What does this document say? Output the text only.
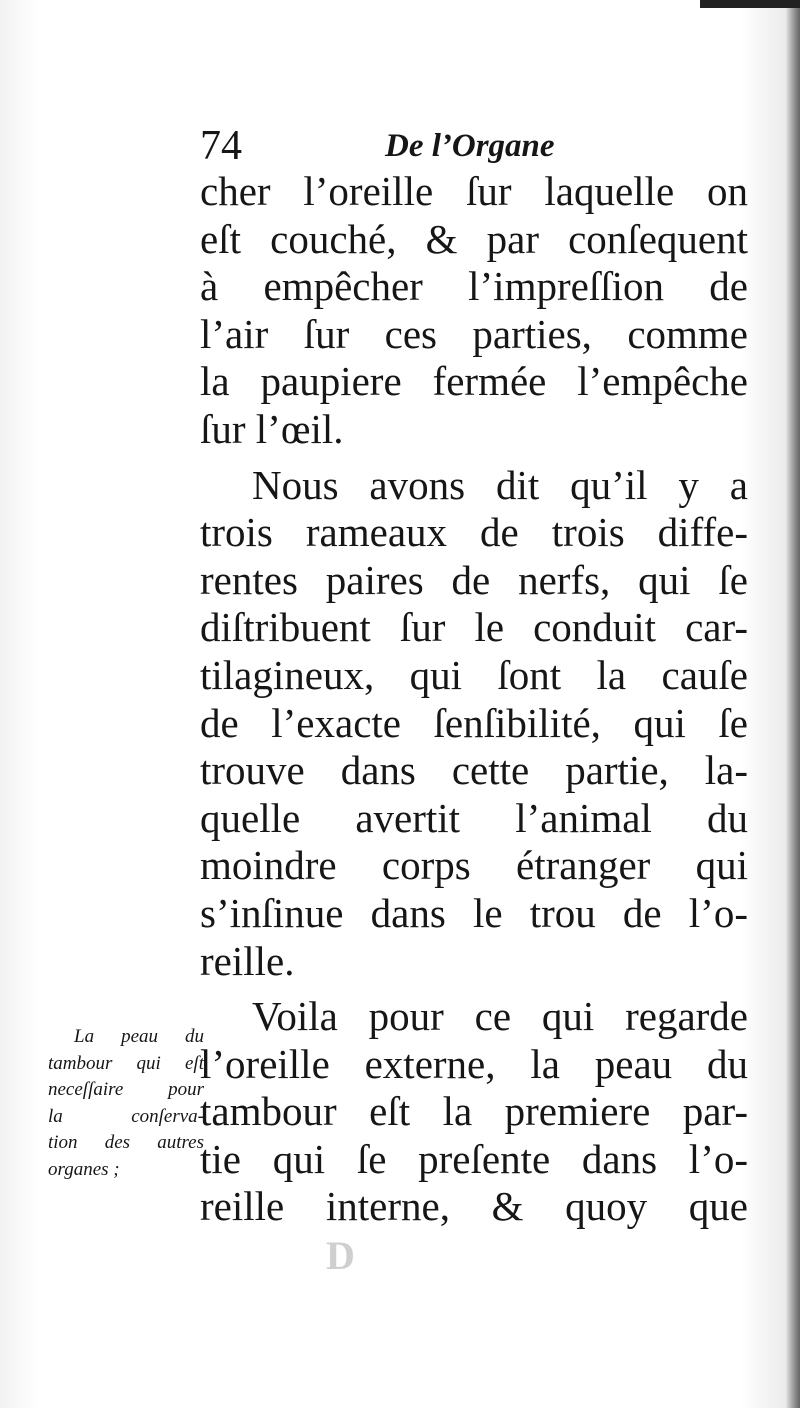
74	De l’Organe
cher l’oreille ſur laquelle on
eſt couché, & par conſequent
à empêcher l’impreſſion de
l’air ſur ces parties, comme
la paupiere fermée l’empêche
ſur l’œil.
Nous avons dit qu’il y a
trois rameaux de trois diffe-
rentes paires de nerfs, qui ſe
diſtribuent ſur le conduit car-
tilagineux, qui ſont la cauſe
de l’exacte ſenſibilité, qui ſe
trouve dans cette partie, la-
quelle avertit l’animal du
moindre corps étranger qui
s’inſinue dans le trou de l’o-
reille.
Voila pour ce qui regarde
l’oreille externe, la peau du
tambour eſt la premiere par-
tie qui ſe preſente dans l’o-
reille interne, & quoy que
La peau du
tambour qui eſt
neceſſaire pour
la conſerva-
tion des autres
organes ;
D
